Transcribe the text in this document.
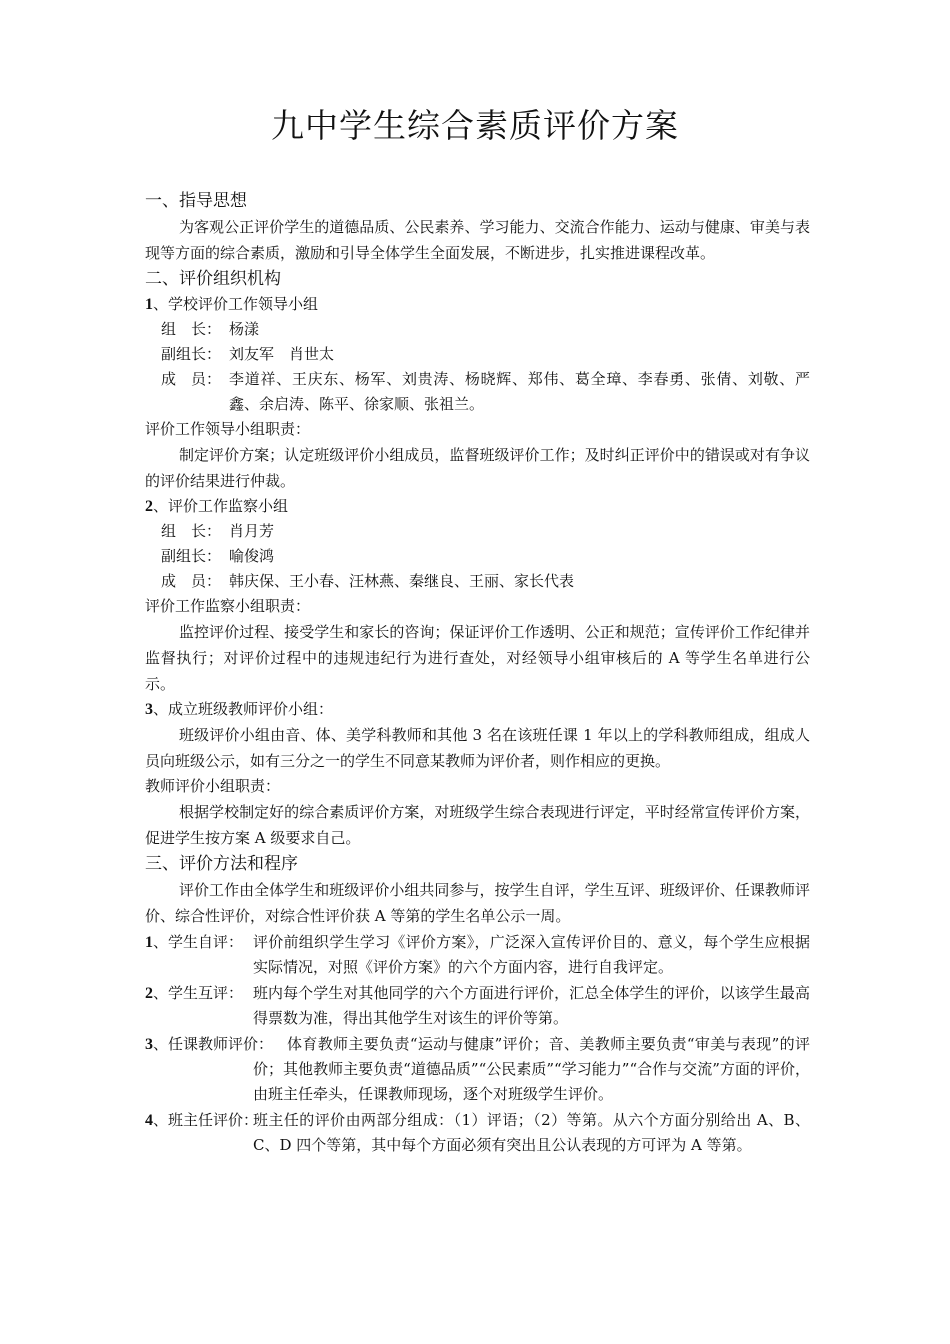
九中学生综合素质评价方案
一、指导思想
为客观公正评价学生的道德品质、公民素养、学习能力、交流合作能力、运动与健康、审美与表现等方面的综合素质，激励和引导全体学生全面发展，不断进步，扎实推进课程改革。
二、评价组织机构
1、学校评价工作领导小组
组　长： 杨漾
副组长： 刘友军　肖世太
成　员： 李道祥、王庆东、杨军、刘贵涛、杨晓辉、郑伟、葛全璋、李春勇、张倩、刘敬、严鑫、余启涛、陈平、徐家顺、张祖兰。
评价工作领导小组职责：
制定评价方案；认定班级评价小组成员，监督班级评价工作；及时纠正评价中的错误或对有争议的评价结果进行仲裁。
2、评价工作监察小组
组　长： 肖月芳
副组长： 喻俊鸿
成　员： 韩庆保、王小春、汪林燕、秦继良、王丽、家长代表
评价工作监察小组职责：
监控评价过程、接受学生和家长的咨询；保证评价工作透明、公正和规范；宣传评价工作纪律并监督执行；对评价过程中的违规违纪行为进行查处，对经领导小组审核后的 A 等学生名单进行公示。
3、成立班级教师评价小组：
班级评价小组由音、体、美学科教师和其他 3 名在该班任课 1 年以上的学科教师组成，组成人员向班级公示，如有三分之一的学生不同意某教师为评价者，则作相应的更换。
教师评价小组职责：
根据学校制定好的综合素质评价方案，对班级学生综合表现进行评定，平时经常宣传评价方案，促进学生按方案 A 级要求自己。
三、评价方法和程序
评价工作由全体学生和班级评价小组共同参与，按学生自评，学生互评、班级评价、任课教师评价、综合性评价，对综合性评价获 A 等第的学生名单公示一周。
1、学生自评： 评价前组织学生学习《评价方案》，广泛深入宣传评价目的、意义，每个学生应根据实际情况，对照《评价方案》的六个方面内容，进行自我评定。
2、学生互评： 班内每个学生对其他同学的六个方面进行评价，汇总全体学生的评价，以该学生最高得票数为准，得出其他学生对该生的评价等第。
3、任课教师评价： 体育教师主要负责“运动与健康”评价；音、美教师主要负责“审美与表现”的评价；其他教师主要负责“道德品质”“公民素质”“学习能力”“合作与交流”方面的评价，由班主任牵头，任课教师现场，逐个对班级学生评价。
4、班主任评价：
班主任的评价由两部分组成：（1）评语；（2）等第。从六个方面分别给出 A、B、C、D 四个等第，其中每个方面必须有突出且公认表现的方可评为 A 等第。
